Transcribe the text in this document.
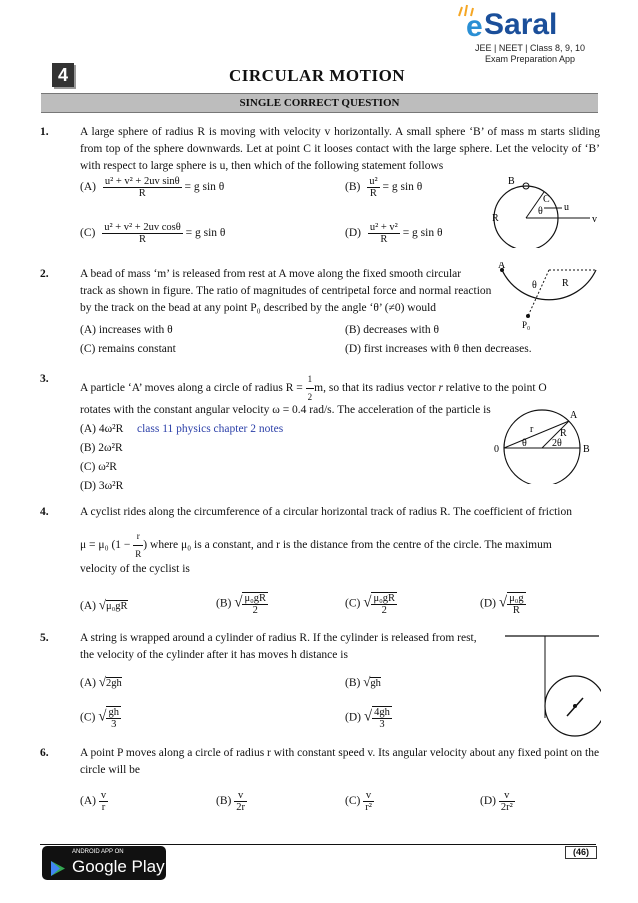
e Saral
JEE | NEET | Class 8, 9, 10
Exam Preparation App
4	CIRCULAR MOTION
SINGLE CORRECT QUESTION
1.	A large sphere of radius R is moving with velocity v horizontally. A small sphere ‘B’ of mass m starts sliding from top of the sphere downwards. Let at point C it looses contact with the large sphere. Let the velocity of ‘B’ with respect to large sphere is u, then which of the following statement follows
$(A) \frac{\text{u² + v² + 2uv sinθ}}{R} = g$ sin θ	$(B) \frac{\text{u²}}{R} = g$ sin θ
$(C) \frac{\text{u² + v² + 2uv cosθ}}{R} = g$ sin θ	$(D) \frac{\text{u² + v²}}{R} = g$ sin θ
B
C
R
θ u
v
2.	A bead of mass ‘m’ is released from rest at A move along the fixed smooth circular
track as shown in figure. The ratio of magnitudes of centripetal force and normal reaction
by the track on the bead at any point P₀ described by the angle ‘θ’ (≠0) would
(A) increases with θ	(B) decreases with θ
(C) remains constant	(D) first increases with θ then decreases.
A
θ	R
P₀
3.
A particle ‘A’ moves along a circle of radius $R = \frac{1}{2} m$, so that its radius vector r relative to the point O
rotates with the constant angular velocity ω = 0.4 rad/s. The acceleration of the particle is
(A) 4ω²R class 11 physics chapter 2 notes
(B) 2ω²R
(C) ω²R
(D) 3ω²R
A
r	R
θ	2θ
0	B
4.	A cyclist rides along the circumference of a circular horizontal track of radius R. The coefficient of friction
μ = μ₀ ($1 - \frac{r}{R}$ ) where μ₀ is a constant, and r is the distance from the centre of the circle. The maximum
velocity of the cyclist is
(A) √μ₀gR	(B) √ $\frac{\text{μ₀gR}}{2}$	(C) √ $\frac{\text{μ₀gR}}{2}$	(D) √ $\frac{\text{μ₀g}}{R}$
5.	A string is wrapped around a cylinder of radius R. If the cylinder is released from rest,
the velocity of the cylinder after it has moves h distance is
(A) √2gh	(B) √gh
(C) √ $\frac{gh}{3}$	(D) √ $\frac{4gh}{3}$
6.	A point P moves along a circle of radius r with constant speed v. Its angular velocity about any fixed point on the circle will be
$(A) \frac{v}{r}$	$(B) \frac{v}{2r}$	$(C) \frac{v}{\text{r²}}$	$(D) \frac{v}{\text{2r²}}$
ANDROID APP ON
Google Play
(46)
